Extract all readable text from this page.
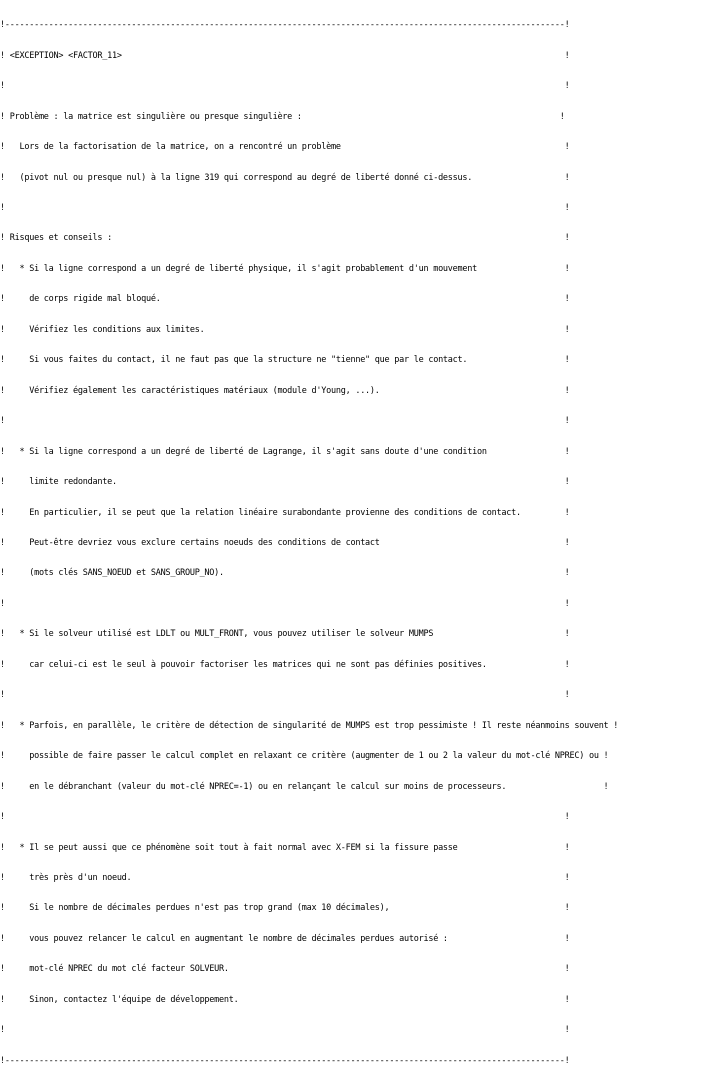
!-------------------------------------------------------------------------------------------------------------------!

! <EXCEPTION> <FACTOR_11>                                                                                           !

!                                                                                                                   !

! Problème : la matrice est singulière ou presque singulière :                                                     !

!   Lors de la factorisation de la matrice, on a rencontré un problème                                              !

!   (pivot nul ou presque nul) à la ligne 319 qui correspond au degré de liberté donné ci-dessus.                   !

!                                                                                                                   !

! Risques et conseils :                                                                                             !

!   * Si la ligne correspond a un degré de liberté physique, il s'agit probablement d'un mouvement                  !

!     de corps rigide mal bloqué.                                                                                   !

!     Vérifiez les conditions aux limites.                                                                          !

!     Si vous faites du contact, il ne faut pas que la structure ne "tienne" que par le contact.                    !

!     Vérifiez également les caractéristiques matériaux (module d'Young, ...).                                      !

!                                                                                                                   !

!   * Si la ligne correspond a un degré de liberté de Lagrange, il s'agit sans doute d'une condition                !

!     limite redondante.                                                                                            !

!     En particulier, il se peut que la relation linéaire surabondante provienne des conditions de contact.         !

!     Peut-être devriez vous exclure certains noeuds des conditions de contact                                      !

!     (mots clés SANS_NOEUD et SANS_GROUP_NO).                                                                      !

!                                                                                                                   !

!   * Si le solveur utilisé est LDLT ou MULT_FRONT, vous pouvez utiliser le solveur MUMPS                           !

!     car celui-ci est le seul à pouvoir factoriser les matrices qui ne sont pas définies positives.                !

!                                                                                                                   !

!   * Parfois, en parallèle, le critère de détection de singularité de MUMPS est trop pessimiste ! Il reste néanmoins souvent !

!     possible de faire passer le calcul complet en relaxant ce critère (augmenter de 1 ou 2 la valeur du mot-clé NPREC) ou !

!     en le débranchant (valeur du mot-clé NPREC=-1) ou en relançant le calcul sur moins de processeurs.                    !

!                                                                                                                   !

!   * Il se peut aussi que ce phénomène soit tout à fait normal avec X-FEM si la fissure passe                      !

!     très près d'un noeud.                                                                                         !

!     Si le nombre de décimales perdues n'est pas trop grand (max 10 décimales),                                    !

!     vous pouvez relancer le calcul en augmentant le nombre de décimales perdues autorisé :                        !

!     mot-clé NPREC du mot clé facteur SOLVEUR.                                                                     !

!     Sinon, contactez l'équipe de développement.                                                                   !

!                                                                                                                   !

!-------------------------------------------------------------------------------------------------------------------!
